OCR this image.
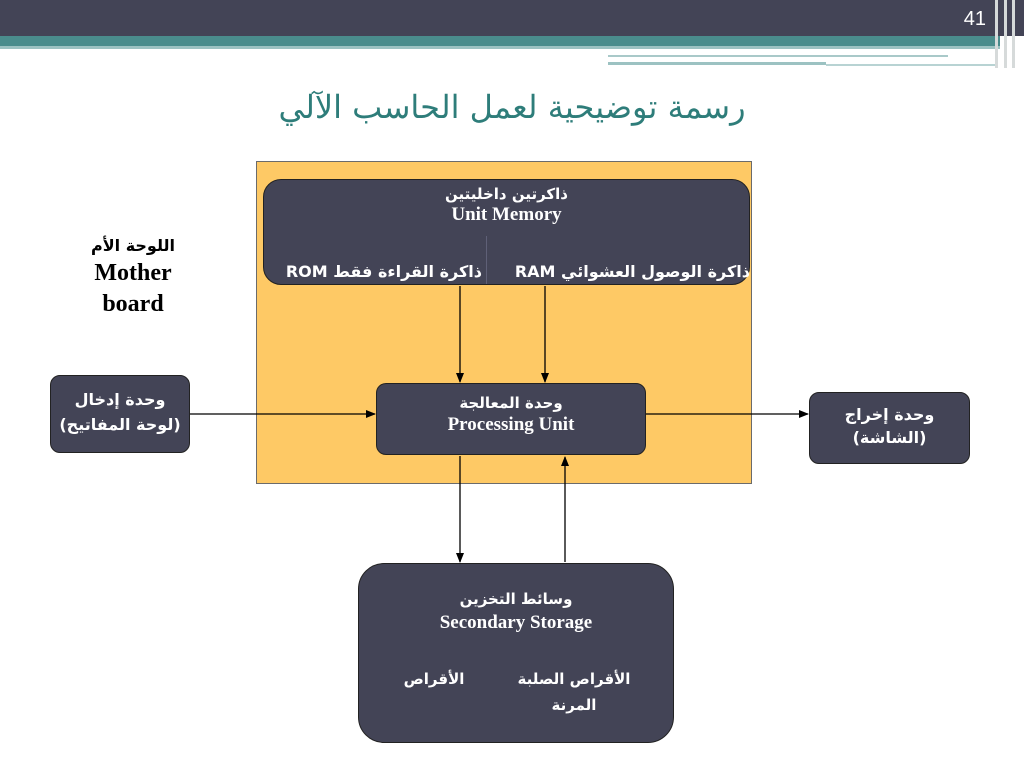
41
رسمة توضيحية لعمل الحاسب الآلي
اللوحة الأم
Mother
board
ذاكرتين داخليتين
Unit Memory
ذاكرة الوصول العشوائي RAM
ذاكرة القراءة فقط ROM
وحدة المعالجة
Processing Unit
وحدة إدخال
(لوحة المفاتيح)
وحدة إخراج
(الشاشة)
وسائط التخزين
Secondary Storage
الأقراص الصلبة
المرنة
الأقراص
